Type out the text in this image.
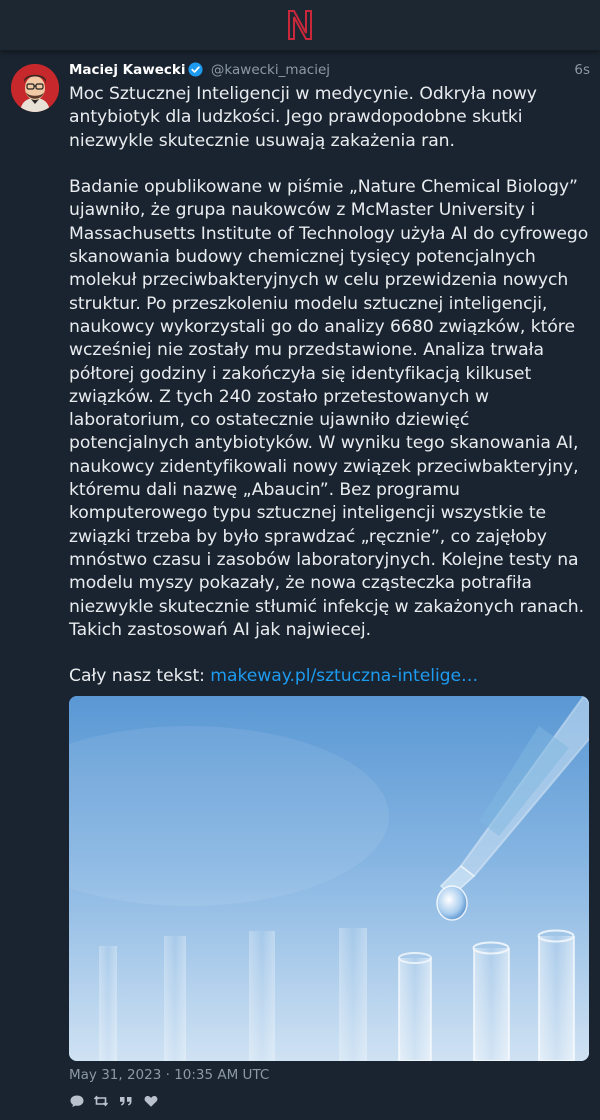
Maciej Kawecki @kawecki_maciej	6s

Moc Sztucznej Inteligencji w medycynie. Odkryła nowy antybiotyk dla ludzkości. Jego prawdopodobne skutki niezwykle skutecznie usuwają zakażenia ran.

Badanie opublikowane w piśmie „Nature Chemical Biology” ujawniło, że grupa naukowców z McMaster University i Massachusetts Institute of Technology użyła AI do cyfrowego skanowania budowy chemicznej tysięcy potencjalnych molekuł przeciwbakteryjnych w celu przewidzenia nowych struktur. Po przeszkoleniu modelu sztucznej inteligencji, naukowcy wykorzystali go do analizy 6680 związków, które wcześniej nie zostały mu przedstawione. Analiza trwała półtorej godziny i zakończyła się identyfikacją kilkuset związków. Z tych 240 zostało przetestowanych w laboratorium, co ostatecznie ujawniło dziewięć potencjalnych antybiotyków. W wyniku tego skanowania AI, naukowcy zidentyfikowali nowy związek przeciwbakteryjny, któremu dali nazwę „Abaucin”. Bez programu komputerowego typu sztucznej inteligencji wszystkie te związki trzeba by było sprawdzać „ręcznie”, co zajęłoby mnóstwo czasu i zasobów laboratoryjnych. Kolejne testy na modelu myszy pokazały, że nowa cząsteczka potrafiła niezwykle skutecznie stłumić infekcję w zakażonych ranach. Takich zastosowań AI jak najwiecej.

Cały nasz tekst: makeway.pl/sztuczna-intelige…

May 31, 2023 · 10:35 AM UTC
